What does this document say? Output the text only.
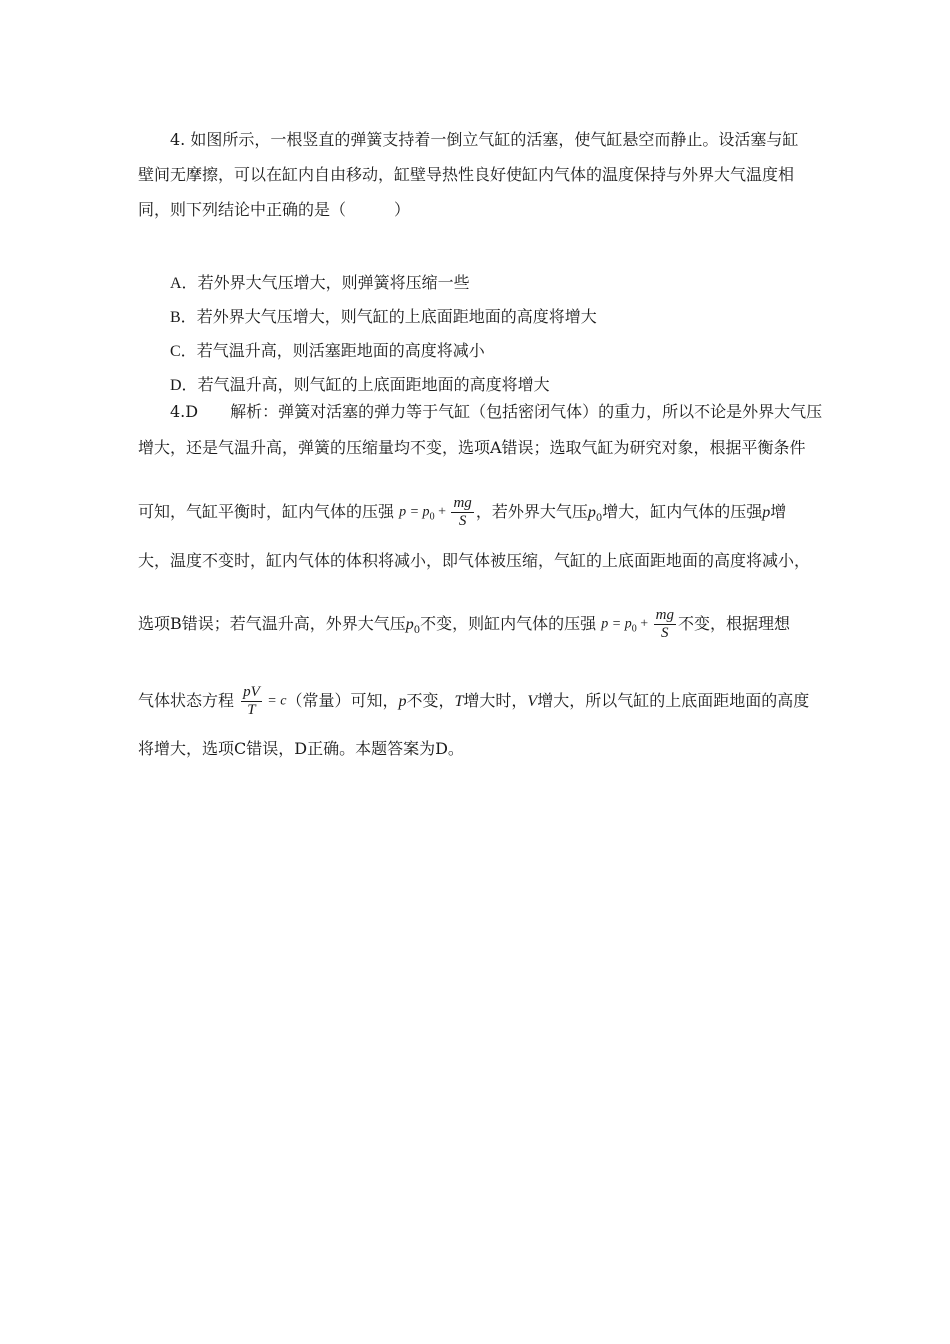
4. 如图所示，一根竖直的弹簧支持着一倒立气缸的活塞，使气缸悬空而静止。设活塞与缸
壁间无摩擦，可以在缸内自由移动，缸壁导热性良好使缸内气体的温度保持与外界大气温度相
同，则下列结论中正确的是（　　　）
A．若外界大气压增大，则弹簧将压缩一些
B．若外界大气压增大，则气缸的上底面距地面的高度将增大
C．若气温升高，则活塞距地面的高度将减小
D．若气温升高，则气缸的上底面距地面的高度将增大
4.D　　解析：弹簧对活塞的弹力等于气缸（包括密闭气体）的重力，所以不论是外界大气压
增大，还是气温升高，弹簧的压缩量均不变，选项A错误；选取气缸为研究对象，根据平衡条件
可知，气缸平衡时，缸内气体的压强 $p = p_0 + \frac{mg}{S}$ ，若外界大气压$p_0$增大，缸内气体的压强p增
大，温度不变时，缸内气体的体积将减小，即气体被压缩，气缸的上底面距地面的高度将减小，
选项B错误；若气温升高，外界大气压$p_0$不变，则缸内气体的压强 $p = p_0 + \frac{mg}{S}$ 不变，根据理想
气体状态方程 $\frac{pV}{T} = c$（常量）可知，p不变，T增大时，V增大，所以气缸的上底面距地面的高度
将增大，选项C错误，D正确。本题答案为D。
